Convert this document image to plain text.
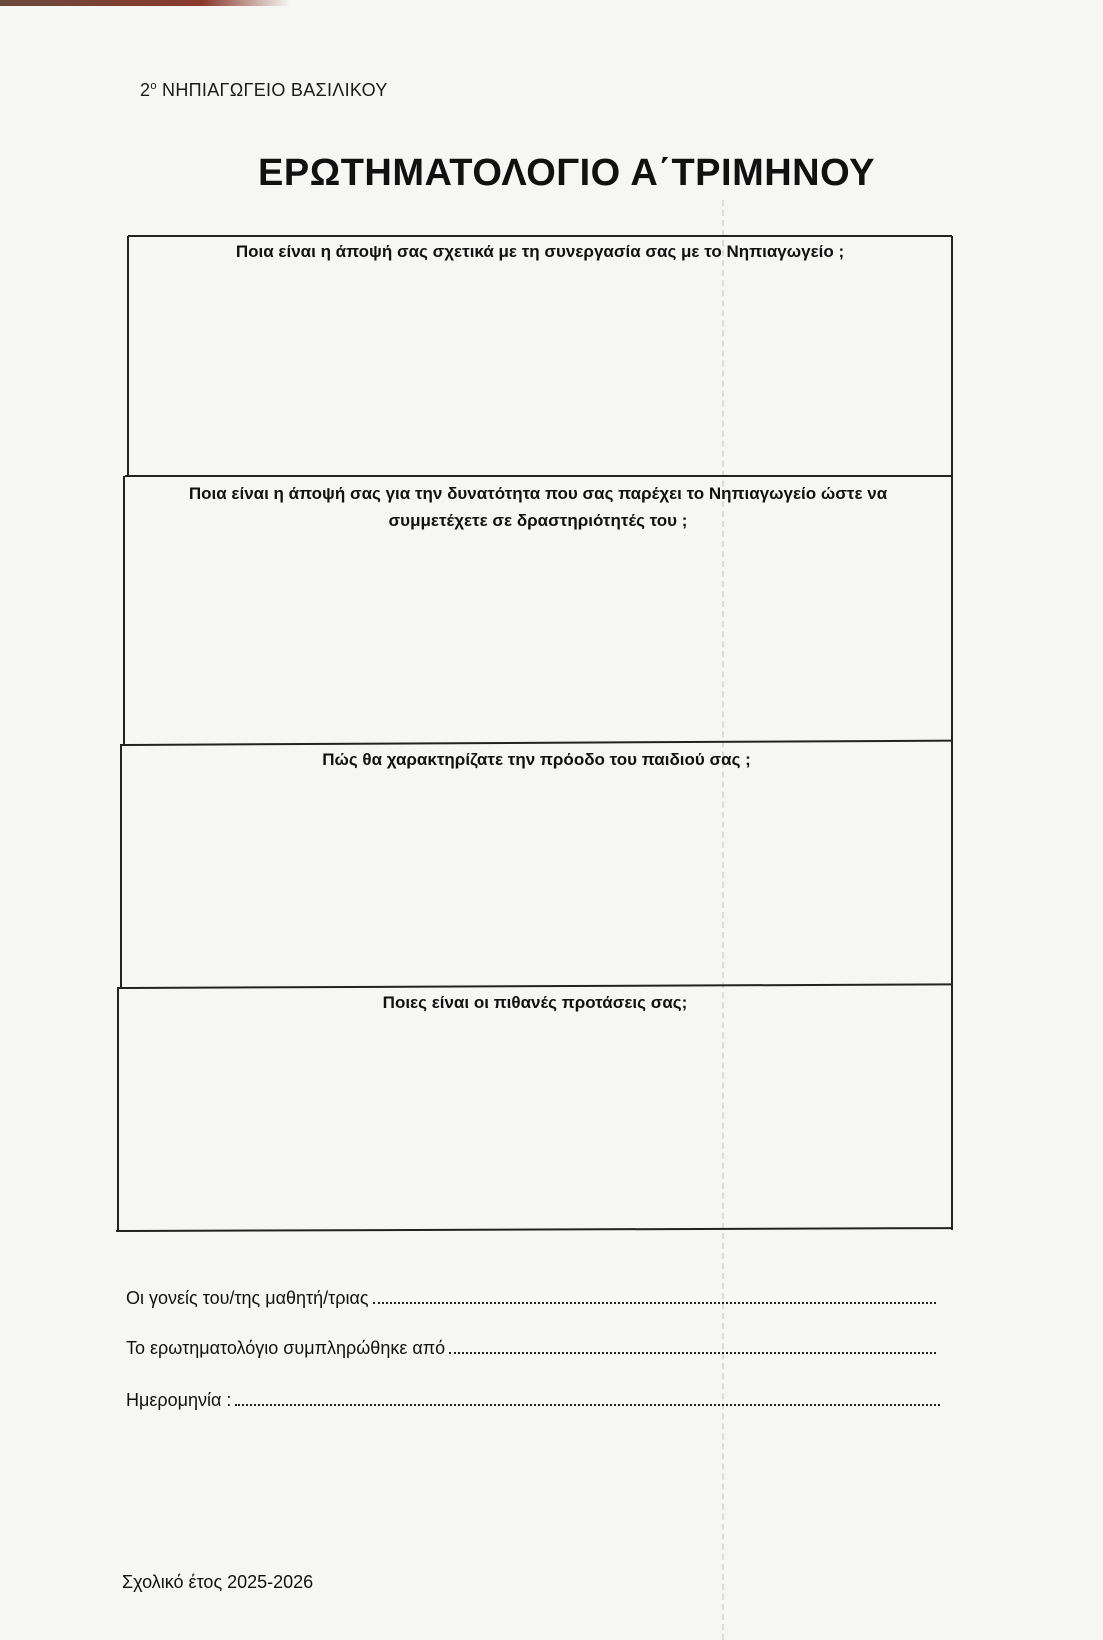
$2^o$ ΝΗΠΙΑΓΩΓΕΙΟ ΒΑΣΙΛΙΚΟΥ
ΕΡΩΤΗΜΑΤΟΛΟΓΙΟ Α΄ΤΡΙΜΗΝΟΥ
Ποια είναι η άποψή σας σχετικά με τη συνεργασία σας με το Νηπιαγωγείο ;
Ποια είναι η άποψή σας για την δυνατότητα που σας παρέχει το Νηπιαγωγείο ώστε να
συμμετέχετε σε δραστηριότητές του ;
Πώς θα χαρακτηρίζατε την πρόοδο του παιδιού σας ;
Ποιες είναι οι πιθανές προτάσεις σας;
Οι γονείς του/της μαθητή/τριας
Το ερωτηματολόγιο συμπληρώθηκε από
Ημερομηνία :
Σχολικό έτος 2025-2026
